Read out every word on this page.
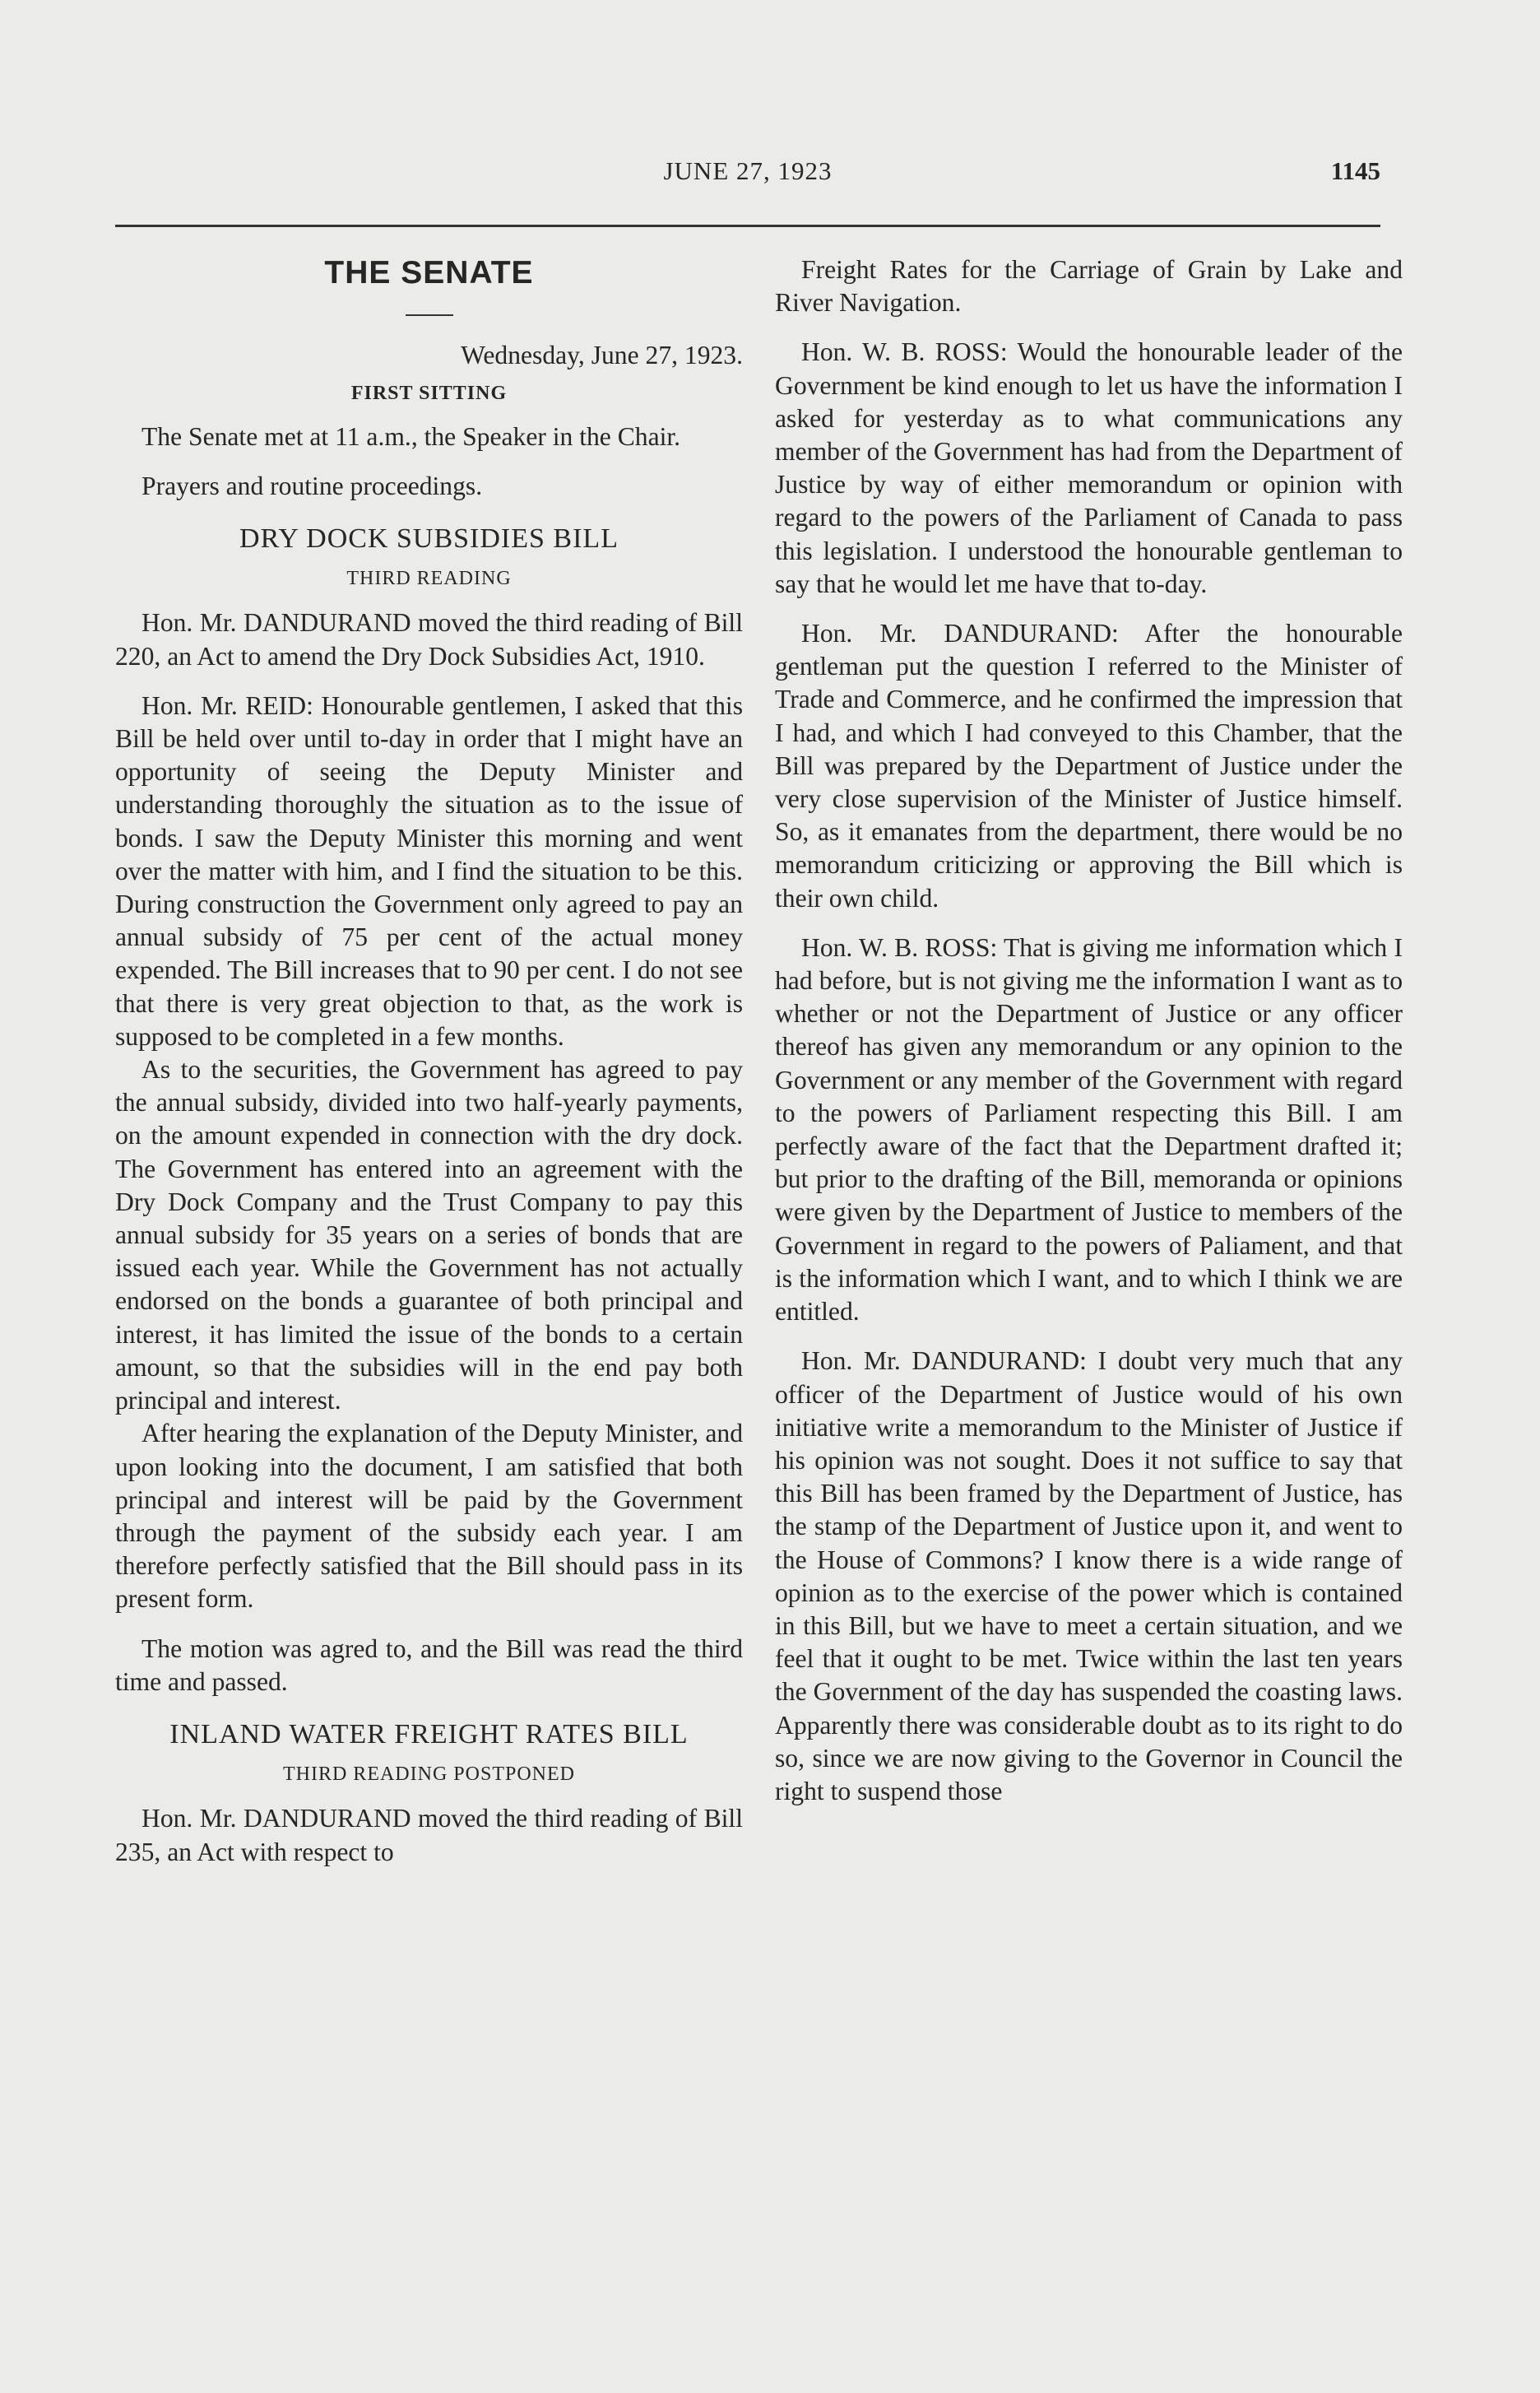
JUNE 27, 1923	1145
THE SENATE
Wednesday, June 27, 1923.
FIRST SITTING

The Senate met at 11 a.m., the Speaker in the Chair.

Prayers and routine proceedings.

DRY DOCK SUBSIDIES BILL
THIRD READING

Hon. Mr. DANDURAND moved the third reading of Bill 220, an Act to amend the Dry Dock Subsidies Act, 1910.

Hon. Mr. REID: Honourable gentlemen, I asked that this Bill be held over until to-day in order that I might have an opportunity of seeing the Deputy Minister and understanding thoroughly the situation as to the issue of bonds. I saw the Deputy Minister this morning and went over the matter with him, and I find the situation to be this. During construction the Government only agreed to pay an annual subsidy of 75 per cent of the actual money expended. The Bill increases that to 90 per cent. I do not see that there is very great objection to that, as the work is supposed to be completed in a few months.

As to the securities, the Government has agreed to pay the annual subsidy, divided into two half-yearly payments, on the amount expended in connection with the dry dock. The Government has entered into an agreement with the Dry Dock Company and the Trust Company to pay this annual subsidy for 35 years on a series of bonds that are issued each year. While the Government has not actually endorsed on the bonds a guarantee of both principal and interest, it has limited the issue of the bonds to a certain amount, so that the subsidies will in the end pay both principal and interest.

After hearing the explanation of the Deputy Minister, and upon looking into the document, I am satisfied that both principal and interest will be paid by the Government through the payment of the subsidy each year. I am therefore perfectly satisfied that the Bill should pass in its present form.

The motion was agred to, and the Bill was read the third time and passed.

INLAND WATER FREIGHT RATES BILL
THIRD READING POSTPONED

Hon. Mr. DANDURAND moved the third reading of Bill 235, an Act with respect to

Freight Rates for the Carriage of Grain by Lake and River Navigation.

Hon. W. B. ROSS: Would the honourable leader of the Government be kind enough to let us have the information I asked for yesterday as to what communications any member of the Government has had from the Department of Justice by way of either memorandum or opinion with regard to the powers of the Parliament of Canada to pass this legislation. I understood the honourable gentleman to say that he would let me have that to-day.

Hon. Mr. DANDURAND: After the honourable gentleman put the question I referred to the Minister of Trade and Commerce, and he confirmed the impression that I had, and which I had conveyed to this Chamber, that the Bill was prepared by the Department of Justice under the very close supervision of the Minister of Justice himself. So, as it emanates from the department, there would be no memorandum criticizing or approving the Bill which is their own child.

Hon. W. B. ROSS: That is giving me information which I had before, but is not giving me the information I want as to whether or not the Department of Justice or any officer thereof has given any memorandum or any opinion to the Government or any member of the Government with regard to the powers of Parliament respecting this Bill. I am perfectly aware of the fact that the Department drafted it; but prior to the drafting of the Bill, memoranda or opinions were given by the Department of Justice to members of the Government in regard to the powers of Paliament, and that is the information which I want, and to which I think we are entitled.

Hon. Mr. DANDURAND: I doubt very much that any officer of the Department of Justice would of his own initiative write a memorandum to the Minister of Justice if his opinion was not sought. Does it not suffice to say that this Bill has been framed by the Department of Justice, has the stamp of the Department of Justice upon it, and went to the House of Commons? I know there is a wide range of opinion as to the exercise of the power which is contained in this Bill, but we have to meet a certain situation, and we feel that it ought to be met. Twice within the last ten years the Government of the day has suspended the coasting laws. Apparently there was considerable doubt as to its right to do so, since we are now giving to the Governor in Council the right to suspend those
